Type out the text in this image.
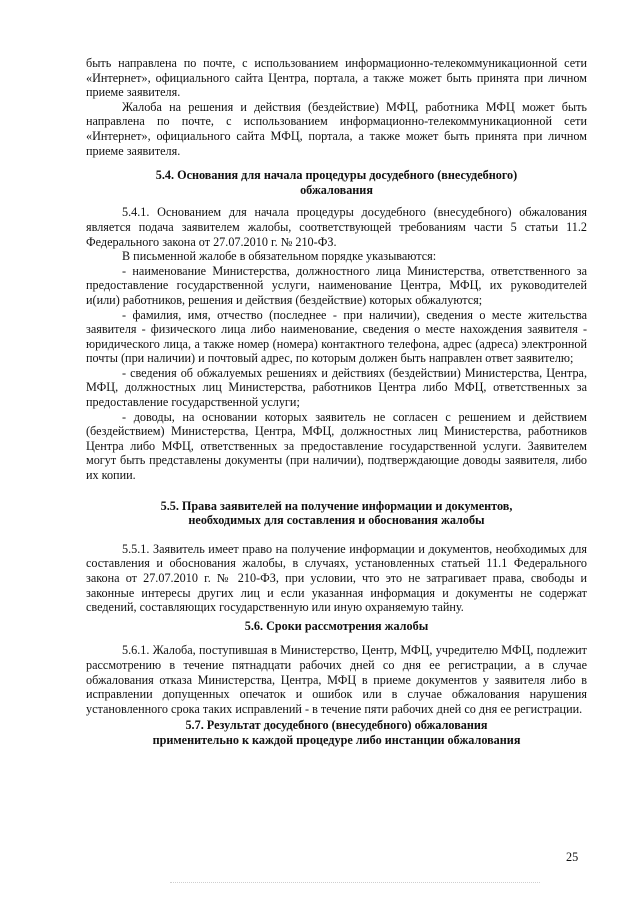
быть направлена по почте, с использованием информационно-телекоммуникационной сети «Интернет», официального сайта Центра, портала, а также может быть принята при личном приеме заявителя.

Жалоба на решения и действия (бездействие) МФЦ, работника МФЦ может быть направлена по почте, с использованием информационно-телекоммуникационной сети «Интернет», официального сайта МФЦ, портала, а также может быть принята при личном приеме заявителя.

5.4. Основания для начала процедуры досудебного (внесудебного)
обжалования

5.4.1. Основанием для начала процедуры досудебного (внесудебного) обжалования является подача заявителем жалобы, соответствующей требованиям части 5 статьи 11.2 Федерального закона от 27.07.2010 г. № 210-ФЗ.

В письменной жалобе в обязательном порядке указываются:

- наименование Министерства, должностного лица Министерства, ответственного за предоставление государственной услуги, наименование Центра, МФЦ, их руководителей и(или) работников, решения и действия (бездействие) которых обжалуются;

- фамилия, имя, отчество (последнее - при наличии), сведения о месте жительства заявителя - физического лица либо наименование, сведения о месте нахождения заявителя - юридического лица, а также номер (номера) контактного телефона, адрес (адреса) электронной почты (при наличии) и почтовый адрес, по которым должен быть направлен ответ заявителю;

- сведения об обжалуемых решениях и действиях (бездействии) Министерства, Центра, МФЦ, должностных лиц Министерства, работников Центра либо МФЦ, ответственных за предоставление государственной услуги;

- доводы, на основании которых заявитель не согласен с решением и действием (бездействием) Министерства, Центра, МФЦ, должностных лиц Министерства, работников Центра либо МФЦ, ответственных за предоставление государственной услуги. Заявителем могут быть представлены документы (при наличии), подтверждающие доводы заявителя, либо их копии.

5.5. Права заявителей на получение информации и документов,
необходимых для составления и обоснования жалобы

5.5.1. Заявитель имеет право на получение информации и документов, необходимых для составления и обоснования жалобы, в случаях, установленных статьей 11.1 Федерального закона от 27.07.2010 г. № 210-ФЗ, при условии, что это не затрагивает права, свободы и законные интересы других лиц и если указанная информация и документы не содержат сведений, составляющих государственную или иную охраняемую тайну.

5.6. Сроки рассмотрения жалобы

5.6.1. Жалоба, поступившая в Министерство, Центр, МФЦ, учредителю МФЦ, подлежит рассмотрению в течение пятнадцати рабочих дней со дня ее регистрации, а в случае обжалования отказа Министерства, Центра, МФЦ в приеме документов у заявителя либо в исправлении допущенных опечаток и ошибок или в случае обжалования нарушения установленного срока таких исправлений - в течение пяти рабочих дней со дня ее регистрации.

5.7. Результат досудебного (внесудебного) обжалования
применительно к каждой процедуре либо инстанции обжалования
25
